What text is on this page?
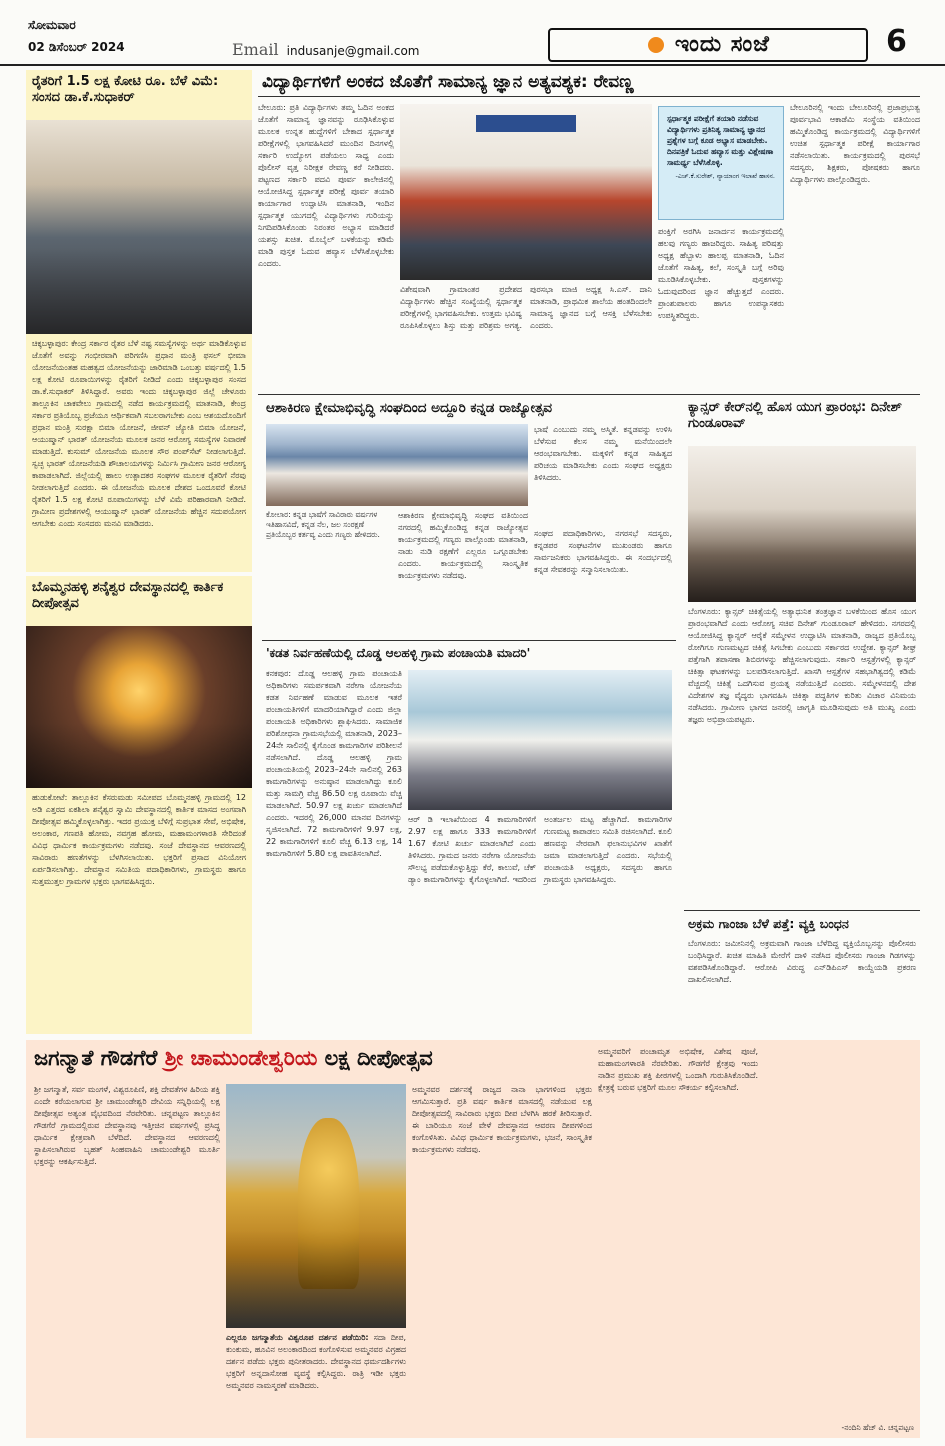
ಸೋಮವಾರ
02 ಡಿಸೆಂಬರ್ 2024	Email indusanje@gmail.com	ಇಂದು ಸಂಜೆ	6
ರೈತರಿಗೆ 1.5 ಲಕ್ಷ ಕೋಟಿ ರೂ. ಬೆಳೆ ವಿಮೆ: ಸಂಸದ ಡಾ.ಕೆ.ಸುಧಾಕರ್
ಚಿಕ್ಕಬಳ್ಳಾಪುರ: ಕೇಂದ್ರ ಸರ್ಕಾರ ರೈತರ ಬೆಳೆ ನಷ್ಟ ಸಮಸ್ಯೆಗಳನ್ನು ಅರ್ಥ ಮಾಡಿಕೊಳ್ಳುವ ಜೊತೆಗೆ ಅವನ್ನು ಗಂಭೀರವಾಗಿ ಪರಿಗಣಿಸಿ ಪ್ರಧಾನ ಮಂತ್ರಿ ಫಸಲ್ ಭೀಮಾ ಯೋಜನೆಯಂತಹ ಮಹತ್ವದ ಯೋಜನೆಯನ್ನು ಜಾರಿಮಾಡಿ ಒಂಬತ್ತು ವರ್ಷದಲ್ಲಿ 1.5 ಲಕ್ಷ ಕೋಟಿ ರೂಪಾಯಿಗಳನ್ನು ರೈತರಿಗೆ ನೀಡಿದೆ ಎಂದು ಚಿಕ್ಕಬಳ್ಳಾಪುರ ಸಂಸದ ಡಾ.ಕೆ.ಸುಧಾಕರ್ ತಿಳಿಸಿದ್ದಾರೆ. ಅವರು ಇಂದು ಚಿಕ್ಕಬಳ್ಳಾಪುರ ಜಿಲ್ಲೆ ಚೇಳೂರು ತಾಲ್ಲೂಕಿನ ಚಾಕವೇಲು ಗ್ರಾಮದಲ್ಲಿ ನಡೆದ ಕಾರ್ಯಕ್ರಮದಲ್ಲಿ ಮಾತನಾಡಿ, ಕೇಂದ್ರ ಸರ್ಕಾರ ಪ್ರತಿಯೊಬ್ಬ ಪ್ರಜೆಯೂ ಆರ್ಥಿಕವಾಗಿ ಸಬಲರಾಗಬೇಕು ಎಂಬ ಆಶಯದೊಂದಿಗೆ ಪ್ರಧಾನ ಮಂತ್ರಿ ಸುರಕ್ಷಾ ಬಿಮಾ ಯೋಜನೆ, ಜೀವನ್ ಜ್ಯೋತಿ ಬಿಮಾ ಯೋಜನೆ, ಆಯುಷ್ಮಾನ್ ಭಾರತ್ ಯೋಜನೆಯ ಮೂಲಕ ಜನರ ಆರೋಗ್ಯ ಸಮಸ್ಯೆಗಳ ನಿವಾರಣೆ ಮಾಡುತ್ತಿದೆ. ಕುಸುಮ್ ಯೋಜನೆಯ ಮೂಲಕ ಸೌರ ಪಂಪ್‌ಸೆಟ್ ನೀಡಲಾಗುತ್ತಿದೆ. ಸ್ವಚ್ಛ ಭಾರತ್ ಯೋಜನೆಯಡಿ ಶೌಚಾಲಯಗಳನ್ನು ನಿರ್ಮಿಸಿ ಗ್ರಾಮೀಣ ಜನರ ಆರೋಗ್ಯ ಕಾಪಾಡಲಾಗಿದೆ. ಜಿಲ್ಲೆಯಲ್ಲಿ ಹಾಲು ಉತ್ಪಾದಕರ ಸಂಘಗಳ ಮೂಲಕ ರೈತರಿಗೆ ನೆರವು ನೀಡಲಾಗುತ್ತಿದೆ ಎಂದರು. ಈ ಯೋಜನೆಯ ಮೂಲಕ ದೇಶದ ಒಂದೂವರೆ ಕೋಟಿ ರೈತರಿಗೆ 1.5 ಲಕ್ಷ ಕೋಟಿ ರೂಪಾಯಿಗಳನ್ನು ಬೆಳೆ ವಿಮೆ ಪರಿಹಾರವಾಗಿ ನೀಡಿದೆ. ಗ್ರಾಮೀಣ ಪ್ರದೇಶಗಳಲ್ಲಿ ಆಯುಷ್ಮಾನ್ ಭಾರತ್ ಯೋಜನೆಯ ಹೆಚ್ಚಿನ ಸದುಪಯೋಗ ಆಗಬೇಕು ಎಂದು ಸಂಸದರು ಮನವಿ ಮಾಡಿದರು.
ಬೊಮ್ಮನಹಳ್ಳಿ ಶನೈಶ್ವರ ದೇವಸ್ಥಾನದಲ್ಲಿ ಕಾರ್ತಿಕ ದೀಪೋತ್ಸವ
ಹುಡುಕೋಟೆ: ತಾಲ್ಲೂಕಿನ ಕೆಸರುಮಡು ಸಮೀಪದ ಬೊಮ್ಮನಹಳ್ಳಿ ಗ್ರಾಮದಲ್ಲಿ 12 ಅಡಿ ಎತ್ತರದ ಏಕಶಿಲಾ ಶನೈಶ್ವರ ಸ್ವಾಮಿ ದೇವಸ್ಥಾನದಲ್ಲಿ ಕಾರ್ತಿಕ ಮಾಸದ ಅಂಗವಾಗಿ ದೀಪೋತ್ಸವ ಹಮ್ಮಿಕೊಳ್ಳಲಾಗಿತ್ತು. ಇದರ ಪ್ರಯುಕ್ತ ಬೆಳಿಗ್ಗೆ ಸುಪ್ರಭಾತ ಸೇವೆ, ಅಭಿಷೇಕ, ಅಲಂಕಾರ, ಗಣಪತಿ ಹೋಮ, ನವಗ್ರಹ ಹೋಮ, ಮಹಾಮಂಗಳಾರತಿ ಸೇರಿದಂತೆ ವಿವಿಧ ಧಾರ್ಮಿಕ ಕಾರ್ಯಕ್ರಮಗಳು ನಡೆದವು. ಸಂಜೆ ದೇವಸ್ಥಾನದ ಆವರಣದಲ್ಲಿ ಸಾವಿರಾರು ಹಣತೆಗಳನ್ನು ಬೆಳಗಿಸಲಾಯಿತು. ಭಕ್ತರಿಗೆ ಪ್ರಸಾದ ವಿನಿಯೋಗ ಏರ್ಪಡಿಸಲಾಗಿತ್ತು. ದೇವಸ್ಥಾನ ಸಮಿತಿಯ ಪದಾಧಿಕಾರಿಗಳು, ಗ್ರಾಮಸ್ಥರು ಹಾಗೂ ಸುತ್ತಮುತ್ತಲ ಗ್ರಾಮಗಳ ಭಕ್ತರು ಭಾಗವಹಿಸಿದ್ದರು.
ವಿದ್ಯಾರ್ಥಿಗಳಿಗೆ ಅಂಕದ ಜೊತೆಗೆ ಸಾಮಾನ್ಯ ಜ್ಞಾನ ಅತ್ಯವಶ್ಯಕ: ರೇವಣ್ಣ
ಬೇಲೂರು: ಪ್ರತಿ ವಿದ್ಯಾರ್ಥಿಗಳು ತಮ್ಮ ಓದಿನ ಅಂಕದ ಜೊತೆಗೆ ಸಾಮಾನ್ಯ ಜ್ಞಾನವನ್ನು ರೂಢಿಸಿಕೊಳ್ಳುವ ಮೂಲಕ ಉನ್ನತ ಹುದ್ದೆಗಳಿಗೆ ಬೇಕಾದ ಸ್ಪರ್ಧಾತ್ಮಕ ಪರೀಕ್ಷೆಗಳಲ್ಲಿ ಭಾಗವಹಿಸಿದರೆ ಮುಂದಿನ ದಿನಗಳಲ್ಲಿ ಸರ್ಕಾರಿ ಉದ್ಯೋಗ ಪಡೆಯಲು ಸಾಧ್ಯ ಎಂದು ಪೊಲೀಸ್ ವೃತ್ತ ನಿರೀಕ್ಷಕ ರೇವಣ್ಣ ಕರೆ ನೀಡಿದರು. ಪಟ್ಟಣದ ಸರ್ಕಾರಿ ಪದವಿ ಪೂರ್ವ ಕಾಲೇಜಿನಲ್ಲಿ ಆಯೋಜಿಸಿದ್ದ ಸ್ಪರ್ಧಾತ್ಮಕ ಪರೀಕ್ಷೆ ಪೂರ್ವ ತಯಾರಿ ಕಾರ್ಯಾಗಾರ ಉದ್ಘಾಟಿಸಿ ಮಾತನಾಡಿ, ಇಂದಿನ ಸ್ಪರ್ಧಾತ್ಮಕ ಯುಗದಲ್ಲಿ ವಿದ್ಯಾರ್ಥಿಗಳು ಗುರಿಯನ್ನು ನಿಗದಿಪಡಿಸಿಕೊಂಡು ನಿರಂತರ ಅಭ್ಯಾಸ ಮಾಡಿದರೆ ಯಶಸ್ಸು ಖಚಿತ. ಮೊಬೈಲ್ ಬಳಕೆಯನ್ನು ಕಡಿಮೆ ಮಾಡಿ ಪುಸ್ತಕ ಓದುವ ಹವ್ಯಾಸ ಬೆಳೆಸಿಕೊಳ್ಳಬೇಕು ಎಂದರು.
ವಿಶೇಷವಾಗಿ ಗ್ರಾಮಾಂತರ ಪ್ರದೇಶದ ವಿದ್ಯಾರ್ಥಿಗಳು ಹೆಚ್ಚಿನ ಸಂಖ್ಯೆಯಲ್ಲಿ ಸ್ಪರ್ಧಾತ್ಮಕ ಪರೀಕ್ಷೆಗಳಲ್ಲಿ ಭಾಗವಹಿಸಬೇಕು. ಉತ್ತಮ ಭವಿಷ್ಯ ರೂಪಿಸಿಕೊಳ್ಳಲು ಶಿಸ್ತು ಮತ್ತು ಪರಿಶ್ರಮ ಅಗತ್ಯ. ಪುರಸಭಾ ಮಾಜಿ ಅಧ್ಯಕ್ಷ ಸಿ.ಎಸ್. ದಾನಿ ಮಾತನಾಡಿ, ಪ್ರಾಥಮಿಕ ಶಾಲೆಯ ಹಂತದಿಂದಲೇ ಸಾಮಾನ್ಯ ಜ್ಞಾನದ ಬಗ್ಗೆ ಆಸಕ್ತಿ ಬೆಳೆಸಬೇಕು ಎಂದರು.
ಸ್ಪರ್ಧಾತ್ಮಕ ಪರೀಕ್ಷೆಗೆ ತಯಾರಿ ನಡೆಸುವ ವಿದ್ಯಾರ್ಥಿಗಳು ಪ್ರತಿನಿತ್ಯ ಸಾಮಾನ್ಯ ಜ್ಞಾನದ ಪ್ರಶ್ನೆಗಳ ಬಗ್ಗೆ ಕೂಡ ಅಭ್ಯಾಸ ಮಾಡಬೇಕು. ದಿನಪತ್ರಿಕೆ ಓದುವ ಹವ್ಯಾಸ ಮತ್ತು ವಿಶ್ಲೇಷಣಾ ಸಾಮರ್ಥ್ಯ ಬೆಳೆಸಿಕೊಳ್ಳಿ.
-ಎಚ್.ಕೆ.ಸುರೇಶ್, ನ್ಯಾಯಾಂಗ ಇಲಾಖೆ ಹಾಸನ.
ಪಂಕ್ತಿಗೆ ಅರಗಿಸಿ ಜನಾರ್ದನ ಕಾರ್ಯಕ್ರಮದಲ್ಲಿ ಹಲವು ಗಣ್ಯರು ಹಾಜರಿದ್ದರು. ಸಾಹಿತ್ಯ ಪರಿಷತ್ತು ಅಧ್ಯಕ್ಷ ಹೆಬ್ಬಾಳು ಹಾಲಪ್ಪ ಮಾತನಾಡಿ, ಓದಿನ ಜೊತೆಗೆ ಸಾಹಿತ್ಯ, ಕಲೆ, ಸಂಸ್ಕೃತಿ ಬಗ್ಗೆ ಅರಿವು ಮೂಡಿಸಿಕೊಳ್ಳಬೇಕು. ಪುಸ್ತಕಗಳನ್ನು ಓದುವುದರಿಂದ ಜ್ಞಾನ ಹೆಚ್ಚುತ್ತದೆ ಎಂದರು. ಪ್ರಾಂಶುಪಾಲರು ಹಾಗೂ ಉಪನ್ಯಾಸಕರು ಉಪಸ್ಥಿತರಿದ್ದರು.
ಬೇಲೂರಿನಲ್ಲಿ ಇಂದು ಬೇಲೂರಿನಲ್ಲಿ ಪ್ರಜಾಪ್ರಭುತ್ವ ಪೂರ್ವಭಾವಿ ಆಕಾಡೆಮಿ ಸಂಸ್ಥೆಯ ವತಿಯಿಂದ ಹಮ್ಮಿಕೊಂಡಿದ್ದ ಕಾರ್ಯಕ್ರಮದಲ್ಲಿ ವಿದ್ಯಾರ್ಥಿಗಳಿಗೆ ಉಚಿತ ಸ್ಪರ್ಧಾತ್ಮಕ ಪರೀಕ್ಷೆ ಕಾರ್ಯಾಗಾರ ನಡೆಸಲಾಯಿತು. ಕಾರ್ಯಕ್ರಮದಲ್ಲಿ ಪುರಸಭೆ ಸದಸ್ಯರು, ಶಿಕ್ಷಕರು, ಪೋಷಕರು ಹಾಗೂ ವಿದ್ಯಾರ್ಥಿಗಳು ಪಾಲ್ಗೊಂಡಿದ್ದರು.
ಆಶಾಕಿರಣ ಕ್ಷೇಮಾಭಿವೃದ್ಧಿ ಸಂಘದಿಂದ ಅದ್ದೂರಿ ಕನ್ನಡ ರಾಜ್ಯೋತ್ಸವ
ಕೋಲಾರ: ಕನ್ನಡ ಭಾಷೆಗೆ ಸಾವಿರಾರು ವರ್ಷಗಳ ಇತಿಹಾಸವಿದೆ, ಕನ್ನಡ ನೆಲ, ಜಲ ಸಂರಕ್ಷಣೆ ಪ್ರತಿಯೊಬ್ಬರ ಕರ್ತವ್ಯ ಎಂದು ಗಣ್ಯರು ಹೇಳಿದರು.
ಆಶಾಕಿರಣ ಕ್ಷೇಮಾಭಿವೃದ್ಧಿ ಸಂಘದ ವತಿಯಿಂದ ನಗರದಲ್ಲಿ ಹಮ್ಮಿಕೊಂಡಿದ್ದ ಕನ್ನಡ ರಾಜ್ಯೋತ್ಸವ ಕಾರ್ಯಕ್ರಮದಲ್ಲಿ ಗಣ್ಯರು ಪಾಲ್ಗೊಂಡು ಮಾತನಾಡಿ, ನಾಡು ನುಡಿ ರಕ್ಷಣೆಗೆ ಎಲ್ಲರೂ ಒಗ್ಗೂಡಬೇಕು ಎಂದರು. ಕಾರ್ಯಕ್ರಮದಲ್ಲಿ ಸಾಂಸ್ಕೃತಿಕ ಕಾರ್ಯಕ್ರಮಗಳು ನಡೆದವು.
ಭಾಷೆ ಎಂಬುದು ನಮ್ಮ ಅಸ್ಮಿತೆ. ಕನ್ನಡವನ್ನು ಉಳಿಸಿ ಬೆಳೆಸುವ ಕೆಲಸ ನಮ್ಮ ಮನೆಯಿಂದಲೇ ಆರಂಭವಾಗಬೇಕು. ಮಕ್ಕಳಿಗೆ ಕನ್ನಡ ಸಾಹಿತ್ಯದ ಪರಿಚಯ ಮಾಡಿಸಬೇಕು ಎಂದು ಸಂಘದ ಅಧ್ಯಕ್ಷರು ತಿಳಿಸಿದರು.
ಸಂಘದ ಪದಾಧಿಕಾರಿಗಳು, ನಗರಸಭೆ ಸದಸ್ಯರು, ಕನ್ನಡಪರ ಸಂಘಟನೆಗಳ ಮುಖಂಡರು ಹಾಗೂ ಸಾರ್ವಜನಿಕರು ಭಾಗವಹಿಸಿದ್ದರು. ಈ ಸಂದರ್ಭದಲ್ಲಿ ಕನ್ನಡ ಸೇವಕರನ್ನು ಸನ್ಮಾನಿಸಲಾಯಿತು.
'ಕಡತ ನಿರ್ವಹಣೆಯಲ್ಲಿ ದೊಡ್ಡ ಆಲಹಳ್ಳಿ ಗ್ರಾಮ ಪಂಚಾಯತಿ ಮಾದರಿ'
ಕನಕಪುರ: ದೊಡ್ಡ ಆಲಹಳ್ಳಿ ಗ್ರಾಮ ಪಂಚಾಯತಿ ಅಧಿಕಾರಿಗಳು ಸಮರ್ಪಕವಾಗಿ ನರೇಗಾ ಯೋಜನೆಯ ಕಡತ ನಿರ್ವಹಣೆ ಮಾಡುವ ಮೂಲಕ ಇತರೆ ಪಂಚಾಯತಿಗಳಿಗೆ ಮಾದರಿಯಾಗಿದ್ದಾರೆ ಎಂದು ಜಿಲ್ಲಾ ಪಂಚಾಯತಿ ಅಧಿಕಾರಿಗಳು ಶ್ಲಾಘಿಸಿದರು. ಸಾಮಾಜಿಕ ಪರಿಶೋಧನಾ ಗ್ರಾಮಸಭೆಯಲ್ಲಿ ಮಾತನಾಡಿ, 2023–24ನೇ ಸಾಲಿನಲ್ಲಿ ಕೈಗೊಂಡ ಕಾಮಗಾರಿಗಳ ಪರಿಶೀಲನೆ ನಡೆಸಲಾಗಿದೆ. ದೊಡ್ಡ ಆಲಹಳ್ಳಿ ಗ್ರಾಮ ಪಂಚಾಯತಿಯಲ್ಲಿ 2023–24ನೇ ಸಾಲಿನಲ್ಲಿ 263 ಕಾಮಗಾರಿಗಳನ್ನು ಅನುಷ್ಠಾನ ಮಾಡಲಾಗಿದ್ದು ಕೂಲಿ ಮತ್ತು ಸಾಮಗ್ರಿ ವೆಚ್ಚ 86.50 ಲಕ್ಷ ರೂಪಾಯಿ ವೆಚ್ಚ ಮಾಡಲಾಗಿದೆ. 50.97 ಲಕ್ಷ ಖರ್ಚು ಮಾಡಲಾಗಿದೆ ಎಂದರು. ಇದರಲ್ಲಿ 26,000 ಮಾನವ ದಿನಗಳನ್ನು ಸೃಜಿಸಲಾಗಿದೆ. 72 ಕಾಮಗಾರಿಗಳಿಗೆ 9.97 ಲಕ್ಷ, 22 ಕಾಮಗಾರಿಗಳಿಗೆ ಕೂಲಿ ವೆಚ್ಚ 6.13 ಲಕ್ಷ, 14 ಕಾಮಗಾರಿಗಳಿಗೆ 5.80 ಲಕ್ಷ ಪಾವತಿಸಲಾಗಿದೆ.
ಆರ್ ಡಿ ಇಲಾಖೆಯಿಂದ 4 ಕಾಮಗಾರಿಗಳಿಗೆ 2.97 ಲಕ್ಷ ಹಾಗೂ 333 ಕಾಮಗಾರಿಗಳಿಗೆ 1.67 ಕೋಟಿ ಖರ್ಚು ಮಾಡಲಾಗಿದೆ ಎಂದು ತಿಳಿಸಿದರು. ಗ್ರಾಮದ ಜನರು ನರೇಗಾ ಯೋಜನೆಯ ಸೌಲಭ್ಯ ಪಡೆದುಕೊಳ್ಳುತ್ತಿದ್ದು ಕೆರೆ, ಕಾಲುವೆ, ಚೆಕ್ ಡ್ಯಾಂ ಕಾಮಗಾರಿಗಳನ್ನು ಕೈಗೊಳ್ಳಲಾಗಿದೆ. ಇದರಿಂದ ಅಂತರ್ಜಲ ಮಟ್ಟ ಹೆಚ್ಚಾಗಿದೆ. ಕಾಮಗಾರಿಗಳ ಗುಣಮಟ್ಟ ಕಾಪಾಡಲು ಸಮಿತಿ ರಚಿಸಲಾಗಿದೆ. ಕೂಲಿ ಹಣವನ್ನು ನೇರವಾಗಿ ಫಲಾನುಭವಿಗಳ ಖಾತೆಗೆ ಜಮಾ ಮಾಡಲಾಗುತ್ತಿದೆ ಎಂದರು. ಸಭೆಯಲ್ಲಿ ಪಂಚಾಯತಿ ಅಧ್ಯಕ್ಷರು, ಸದಸ್ಯರು ಹಾಗೂ ಗ್ರಾಮಸ್ಥರು ಭಾಗವಹಿಸಿದ್ದರು.
ಕ್ಯಾನ್ಸರ್ ಕೇರ್‌ನಲ್ಲಿ ಹೊಸ ಯುಗ ಪ್ರಾರಂಭ: ದಿನೇಶ್ ಗುಂಡೂರಾವ್
ಬೆಂಗಳೂರು: ಕ್ಯಾನ್ಸರ್ ಚಿಕಿತ್ಸೆಯಲ್ಲಿ ಅತ್ಯಾಧುನಿಕ ತಂತ್ರಜ್ಞಾನ ಬಳಕೆಯಿಂದ ಹೊಸ ಯುಗ ಪ್ರಾರಂಭವಾಗಿದೆ ಎಂದು ಆರೋಗ್ಯ ಸಚಿವ ದಿನೇಶ್ ಗುಂಡೂರಾವ್ ಹೇಳಿದರು. ನಗರದಲ್ಲಿ ಆಯೋಜಿಸಿದ್ದ ಕ್ಯಾನ್ಸರ್ ಆರೈಕೆ ಸಮ್ಮೇಳನ ಉದ್ಘಾಟಿಸಿ ಮಾತನಾಡಿ, ರಾಜ್ಯದ ಪ್ರತಿಯೊಬ್ಬ ರೋಗಿಗೂ ಗುಣಮಟ್ಟದ ಚಿಕಿತ್ಸೆ ಸಿಗಬೇಕು ಎಂಬುದು ಸರ್ಕಾರದ ಉದ್ದೇಶ. ಕ್ಯಾನ್ಸರ್ ಶೀಘ್ರ ಪತ್ತೆಗಾಗಿ ತಪಾಸಣಾ ಶಿಬಿರಗಳನ್ನು ಹೆಚ್ಚಿಸಲಾಗುವುದು. ಸರ್ಕಾರಿ ಆಸ್ಪತ್ರೆಗಳಲ್ಲಿ ಕ್ಯಾನ್ಸರ್ ಚಿಕಿತ್ಸಾ ಘಟಕಗಳನ್ನು ಬಲಪಡಿಸಲಾಗುತ್ತಿದೆ. ಖಾಸಗಿ ಆಸ್ಪತ್ರೆಗಳ ಸಹಭಾಗಿತ್ವದಲ್ಲಿ ಕಡಿಮೆ ವೆಚ್ಚದಲ್ಲಿ ಚಿಕಿತ್ಸೆ ಒದಗಿಸುವ ಪ್ರಯತ್ನ ನಡೆಯುತ್ತಿದೆ ಎಂದರು. ಸಮ್ಮೇಳನದಲ್ಲಿ ದೇಶ ವಿದೇಶಗಳ ತಜ್ಞ ವೈದ್ಯರು ಭಾಗವಹಿಸಿ ಚಿಕಿತ್ಸಾ ಪದ್ಧತಿಗಳ ಕುರಿತು ವಿಚಾರ ವಿನಿಮಯ ನಡೆಸಿದರು. ಗ್ರಾಮೀಣ ಭಾಗದ ಜನರಲ್ಲಿ ಜಾಗೃತಿ ಮೂಡಿಸುವುದು ಅತಿ ಮುಖ್ಯ ಎಂದು ತಜ್ಞರು ಅಭಿಪ್ರಾಯಪಟ್ಟರು.
ಅಕ್ರಮ ಗಾಂಜಾ ಬೆಳೆ ಪತ್ತೆ: ವ್ಯಕ್ತಿ ಬಂಧನ
ಬೆಂಗಳೂರು: ಜಮೀನಿನಲ್ಲಿ ಅಕ್ರಮವಾಗಿ ಗಾಂಜಾ ಬೆಳೆದಿದ್ದ ವ್ಯಕ್ತಿಯೊಬ್ಬನನ್ನು ಪೊಲೀಸರು ಬಂಧಿಸಿದ್ದಾರೆ. ಖಚಿತ ಮಾಹಿತಿ ಮೇರೆಗೆ ದಾಳಿ ನಡೆಸಿದ ಪೊಲೀಸರು ಗಾಂಜಾ ಗಿಡಗಳನ್ನು ವಶಪಡಿಸಿಕೊಂಡಿದ್ದಾರೆ. ಆರೋಪಿ ವಿರುದ್ಧ ಎನ್‌ಡಿಪಿಎಸ್ ಕಾಯ್ದೆಯಡಿ ಪ್ರಕರಣ ದಾಖಲಿಸಲಾಗಿದೆ.
ಜಗನ್ಮಾತೆ ಗೌಡಗೆರೆ ಶ್ರೀ ಚಾಮುಂಡೇಶ್ವರಿಯ ಲಕ್ಷ ದೀಪೋತ್ಸವ
ಶ್ರೀ ಜಗನ್ಮಾತೆ, ಸರ್ವ ಮಂಗಳೆ, ವಿಶ್ವರೂಪಿಣಿ, ಶಕ್ತಿ ದೇವತೆಗಳ ಹಿರಿಯ ಶಕ್ತಿ ಎಂದೇ ಕರೆಯಲಾಗುವ ಶ್ರೀ ಚಾಮುಂಡೇಶ್ವರಿ ದೇವಿಯ ಸನ್ನಿಧಿಯಲ್ಲಿ ಲಕ್ಷ ದೀಪೋತ್ಸವ ಅತ್ಯಂತ ವೈಭವದಿಂದ ನೆರವೇರಿತು. ಚನ್ನಪಟ್ಟಣ ತಾಲ್ಲೂಕಿನ ಗೌಡಗೆರೆ ಗ್ರಾಮದಲ್ಲಿರುವ ದೇವಸ್ಥಾನವು ಇತ್ತೀಚಿನ ವರ್ಷಗಳಲ್ಲಿ ಪ್ರಸಿದ್ಧ ಧಾರ್ಮಿಕ ಕ್ಷೇತ್ರವಾಗಿ ಬೆಳೆದಿದೆ. ದೇವಸ್ಥಾನದ ಆವರಣದಲ್ಲಿ ಸ್ಥಾಪಿಸಲಾಗಿರುವ ಬೃಹತ್ ಸಿಂಹವಾಹಿನಿ ಚಾಮುಂಡೇಶ್ವರಿ ಮೂರ್ತಿ ಭಕ್ತರನ್ನು ಆಕರ್ಷಿಸುತ್ತಿದೆ.
ಅಮ್ಮನವರ ದರ್ಶನಕ್ಕೆ ರಾಜ್ಯದ ನಾನಾ ಭಾಗಗಳಿಂದ ಭಕ್ತರು ಆಗಮಿಸುತ್ತಾರೆ. ಪ್ರತಿ ವರ್ಷ ಕಾರ್ತಿಕ ಮಾಸದಲ್ಲಿ ನಡೆಯುವ ಲಕ್ಷ ದೀಪೋತ್ಸವದಲ್ಲಿ ಸಾವಿರಾರು ಭಕ್ತರು ದೀಪ ಬೆಳಗಿಸಿ ಹರಕೆ ತೀರಿಸುತ್ತಾರೆ. ಈ ಬಾರಿಯೂ ಸಂಜೆ ವೇಳೆ ದೇವಸ್ಥಾನದ ಆವರಣ ದೀಪಗಳಿಂದ ಕಂಗೊಳಿಸಿತು. ವಿವಿಧ ಧಾರ್ಮಿಕ ಕಾರ್ಯಕ್ರಮಗಳು, ಭಜನೆ, ಸಾಂಸ್ಕೃತಿಕ ಕಾರ್ಯಕ್ರಮಗಳು ನಡೆದವು.
ಎಲ್ಲರೂ ಜಗನ್ಮಾತೆಯ ವಿಶ್ವರೂಪ ದರ್ಶನ ಪಡೆಯಿರಿ: ಸದಾ ದೀಪ, ಕುಂಕುಮ, ಹೂವಿನ ಅಲಂಕಾರದಿಂದ ಕಂಗೊಳಿಸುವ ಅಮ್ಮನವರ ವಿಗ್ರಹದ ದರ್ಶನ ಪಡೆದು ಭಕ್ತರು ಪುನೀತರಾದರು. ದೇವಸ್ಥಾನದ ಧರ್ಮದರ್ಶಿಗಳು ಭಕ್ತರಿಗೆ ಅನ್ನದಾಸೋಹ ವ್ಯವಸ್ಥೆ ಕಲ್ಪಿಸಿದ್ದರು. ರಾತ್ರಿ ಇಡೀ ಭಕ್ತರು ಅಮ್ಮನವರ ನಾಮಸ್ಮರಣೆ ಮಾಡಿದರು.
ಅಮ್ಮನವರಿಗೆ ಪಂಚಾಮೃತ ಅಭಿಷೇಕ, ವಿಶೇಷ ಪೂಜೆ, ಮಹಾಮಂಗಳಾರತಿ ನೆರವೇರಿತು. ಗೌಡಗೆರೆ ಕ್ಷೇತ್ರವು ಇಂದು ನಾಡಿನ ಪ್ರಮುಖ ಶಕ್ತಿ ಪೀಠಗಳಲ್ಲಿ ಒಂದಾಗಿ ಗುರುತಿಸಿಕೊಂಡಿದೆ. ಕ್ಷೇತ್ರಕ್ಕೆ ಬರುವ ಭಕ್ತರಿಗೆ ಮೂಲ ಸೌಕರ್ಯ ಕಲ್ಪಿಸಲಾಗಿದೆ.
-ನಂದಿನಿ ಹೆಚ್ ವಿ. ಚನ್ನಪಟ್ಟಣ
